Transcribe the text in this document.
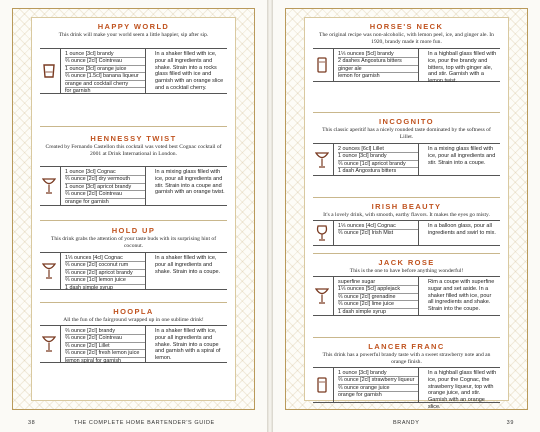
HAPPY WORLD
This drink will make your world seem a little happier, sip after sip.
1 ounce [3cl] brandy
⅔ ounce [2cl] Cointreau
1 ounce [3cl] orange juice
⅔ ounce [1.5cl] banana liqueur
orange and cocktail cherry
for garnish
In a shaker filled with ice, pour all ingredients and shake. Strain into a rocks glass filled with ice and garnish with an orange slice and a cocktail cherry.
HENNESSY TWIST
Created by Fernando Castellon this cocktail was voted best Cognac cocktail of 2001 at Drink International in London.
1 ounce [3cl] Cognac
⅔ ounce [2cl] dry vermouth
1 ounce [3cl] apricot brandy
⅔ ounce [2cl] Cointreau
orange for garnish
In a mixing glass filled with ice, pour all ingredients and stir. Strain into a coupe and garnish with an orange twist.
HOLD UP
This drink grabs the attention of your taste buds with its surprising hint of coconut.
1⅓ ounces [4cl] Cognac
⅔ ounce [2cl] coconut rum
⅔ ounce [2cl] apricot brandy
⅔ ounce [1cl] lemon juice
1 dash simple syrup
In a shaker filled with ice, pour all ingredients and shake. Strain into a coupe.
HOOPLA
All the fun of the fairground wrapped up in one sublime drink!
⅔ ounce [2cl] brandy
⅔ ounce [2cl] Cointreau
⅔ ounce [2cl] Lillet
⅔ ounce [2cl] fresh lemon juice
lemon spiral for garnish
In a shaker filled with ice, pour all ingredients and shake. Strain into a coupe and garnish with a spiral of lemon.
38	THE COMPLETE HOME BARTENDER'S GUIDE
HORSE'S NECK
The original recipe was non-alcoholic, with lemon peel, ice, and ginger ale. In 1920, brandy made it more fun.
1⅓ ounces [5cl] brandy
2 dashes Angostura bitters
ginger ale
lemon for garnish
In a highball glass filled with ice, pour the brandy and bitters, top with ginger ale, and stir. Garnish with a lemon twist.
INCOGNITO
This classic aperitif has a nicely rounded taste dominated by the softness of Lillet.
2 ounces [6cl] Lillet
1 ounce [3cl] brandy
⅔ ounce [1cl] apricot brandy
1 dash Angostura bitters
In a mixing glass filled with ice, pour all ingredients and stir. Strain into a coupe.
IRISH BEAUTY
It's a lovely drink, with smooth, earthy flavors. It makes the eyes go misty.
1⅓ ounces [4cl] Cognac
⅔ ounce [2cl] Irish Mist
In a balloon glass, pour all ingredients and swirl to mix.
JACK ROSE
This is the one to have before anything wonderful!
superfine sugar
1⅓ ounces [5cl] applejack
⅔ ounce [2cl] grenadine
⅔ ounce [2cl] lime juice
1 dash simple syrup
Rim a coupe with superfine sugar and set aside. In a shaker filled with ice, pour all ingredients and shake. Strain into the coupe.
LANCER FRANC
This drink has a powerful brandy taste with a sweet strawberry note and an orange finish.
1 ounce [3cl] brandy
⅔ ounce [2cl] strawberry liqueur
⅔ ounce orange juice
orange for garnish
In a highball glass filled with ice, pour the Cognac, the strawberry liqueur, top with orange juice, and stir. Garnish with an orange slice.
BRANDY	39
